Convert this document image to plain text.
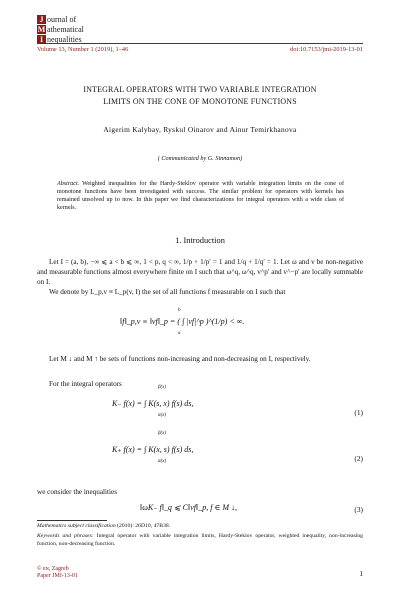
J ournal of
M athematical
I nequalities
Volume 13, Number 1 (2019), 1–46	doi:10.7153/jmi-2019-13-01
INTEGRAL OPERATORS WITH TWO VARIABLE INTEGRATION
LIMITS ON THE CONE OF MONOTONE FUNCTIONS
Aigerim Kalybay, Ryskul Oinarov and Ainur Temirkhanova
( Communicated by G. Sinnamon)
Abstract. Weighted inequalities for the Hardy-Steklov operator with variable integration limits on the cone of monotone functions have been investigated with success. The similar problem for operators with kernels has remained unsolved up to now. In this paper we find characterizations for integral operators with a wide class of kernels.
1. Introduction
Let I = (a, b), −∞ ⩽ a < b ⩽ ∞, 1 < p, q < ∞, 1/p + 1/p′ = 1 and 1/q + 1/q′ = 1. Let ω and v be non-negative and measurable functions almost everywhere finite on I such that ω^q, ω^q, v^p′ and v^−p′ are locally summable on I.
We denote by L_p,v ≡ L_p(v, I) the set of all functions f measurable on I such that
‖f‖_p,v ≡ ‖vf‖_p = ( ∫ |vf|^p )^(1/p) < ∞.
b
a
Let M ↓ and M ↑ be sets of functions non-increasing and non-decreasing on I, respectively.
For the integral operators
K₋ f(x) = ∫ K(s, x) f(s) ds,
β(x)
α(x)	(1)
K₊ f(x) = ∫ K(x, s) f(s) ds,
β(x)
α(x)	(2)
we consider the inequalities
‖ωK₋ f‖_q ⩽ C‖vf‖_p, f ∈ M ↓,	(3)
Mathematics subject classification (2010): 26D10, 47B38.
Keywords and phrases: Integral operator with variable integration limits, Hardy-Steklov operator, weighted inequality, non-increasing function, non-decreasing function.
© ᴇɴ, Zagreb
Paper JMI-13-01	1
